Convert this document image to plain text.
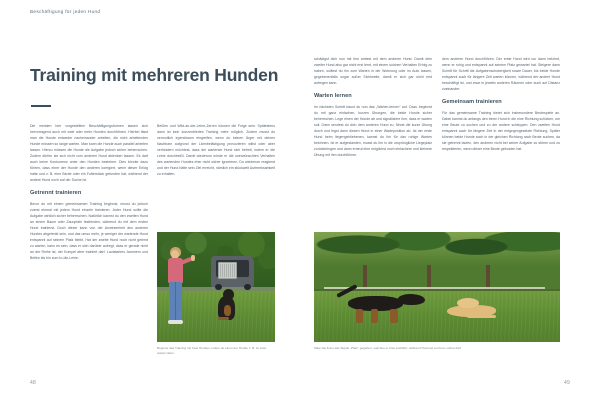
Beschäftigung für jeden Hund
Training mit mehreren Hunden

Die meisten hier vorgestellten Beschäftigungsformen lassen sich hervorragend auch mit zwei oder mehr Hunden durchführen. Hierbei lässt man die Hunde entweder nacheinander arbeiten, die nicht arbeitenden Hunde müssen so lange warten. Man kann die Hunde auch parallel arbeiten lassen. Hierzu müssen die Hunde die Aufgabe jedoch sicher beherrschen. Zudem dürfen sie sich nicht vom anderen Hund ablenken lassen. Es darf auch keine Konkurrenz unter den Hunden bestehen. Dies könnte dazu führen, dass einer der Hunde den anderen korrigiert, wenn dieser Erfolg hatte und z. B. eine Beute oder ein Futterstück gefunden hat, während der andere Hund noch auf der Suche ist.

Getrennt trainieren

Bevor du mit einem gemeinsamen Training beginnst, musst du jedoch zuerst einmal mit jedem Hund einzeln trainieren. Jeder Hund sollte die Aufgabe wirklich sicher beherrschen. Natürlich kannst du den zweiten Hund an einem Baum oder Zaunpfahl festbinden, während du mit dem ersten Hund trainierst. Doch dieser kann von der Anwesenheit des anderen Hundes abgelenkt sein, und das umso mehr, je weniger der wartende Hund entspannt auf seinem Platz bleibt. Hat der zweite Hund noch nicht gelernt zu warten, kann es sein, dass er sich darüber aufregt, dass er gerade nicht an der Reihe ist, der Kumpel aber trainiert darf. Lautstarkes Jammern und Bellen bis hin zum In-die-Leine-

Beißen und Wild-an-der-Leine-Zerren können die Folge sein. Spätestens dann ist kein konzentriertes Training mehr möglich. Zudem musst du vermutlich irgendwann eingreifen, wenn du keinen Ärger mit deinen Nachbarn aufgrund der Lärmbelästigung provozieren willst oder aber verhindern möchtest, dass der wartende Hund sich befreit, indem er die Leine durchbeißt. Damit wiederum würde er die unerwünschten Verhalten des wartenden Hundes eher nicht sicher ignorieren. Du wiederum reagierst und der Hund hätte sein Ziel erreicht, nämlich ein stückweit Aufmerksamkeit zu erhalten.

Beginne das Training mit zwei Hunden, indem du einen der Hunde z. B. im Auto warten lässt.
48

schädigst dich nun mit ihm amtest mit dem anderen Hund. Damit dein zweiter Hund also gar nicht erst lernt, mit einem solchen Verhalten Erfolg zu haben, solltest du ihn zum Warten in der Wohnung oder im Auto lassen, gegebenenfalls sogar außer Sichtweite, damit er sich gar nicht erst aufregen kann.

Warten lernen

Im nächsten Schritt baust du nun das „Warten-lernen“ auf. Dazu beginnst du mit ganz einfachen, kurzen Übungen, die beide Hunde sicher beherrschen. Lege einen der Hunde ab und signalisiere ihm, dass er warten soll. Dann sendest du dich dem anderen Hund zu, führst die kurze Übung durch und legst dann diesen Hund in einer Warteposition ab. Ist der erste Hund beim liegengebliebenen, kannst du ihn für das ruhige Warten belohnen. Ist er aufgestanden, musst du ihn in die ursprüngliche Liegeplatz zurückbringen und dann erneut eine möglichst noch einfachere und kleinere Übung mit ihm durchführen.

dem anderen Hund durchführen. Der erste Hund wird nur dann belohnt, wenn er ruhig und entspannt auf seinem Platz gewartet hat. Steigere dann Schritt für Schritt die Aufgabenschwierigkeit sowie Dauer, bis beide Hunde entspannt auch für längere Zeit warten können, während der andere Hund beschäftigt ist, und zwar in jeweils anderen Räumen oder auch auf Distanz zueinander.

Gemeinsam trainieren

Für das gemeinsame Training bietet sich insbesondere Beutespiele an. Dabei kannst du anfangs den einen Hund in die eine Richtung schicken, um eine Beute zu suchen und zu der andere schleppen. Den zweiten Hund entspannt auch für längere Zeit in der entgegengesetzte Richtung. Später können beide Hunde auch in der gleichen Richtung nach Beute suchen, da sie getrennt laufen, den anderen nicht bei seiner Aufgabe zu stören und zu respektieren, wenn dieser eine Beute gefunden hat.

Silke hat Kuco das Signal „Platz“ gegeben, welches er brav ausführt, während Hummel an Kuco vorbei darf.
49
